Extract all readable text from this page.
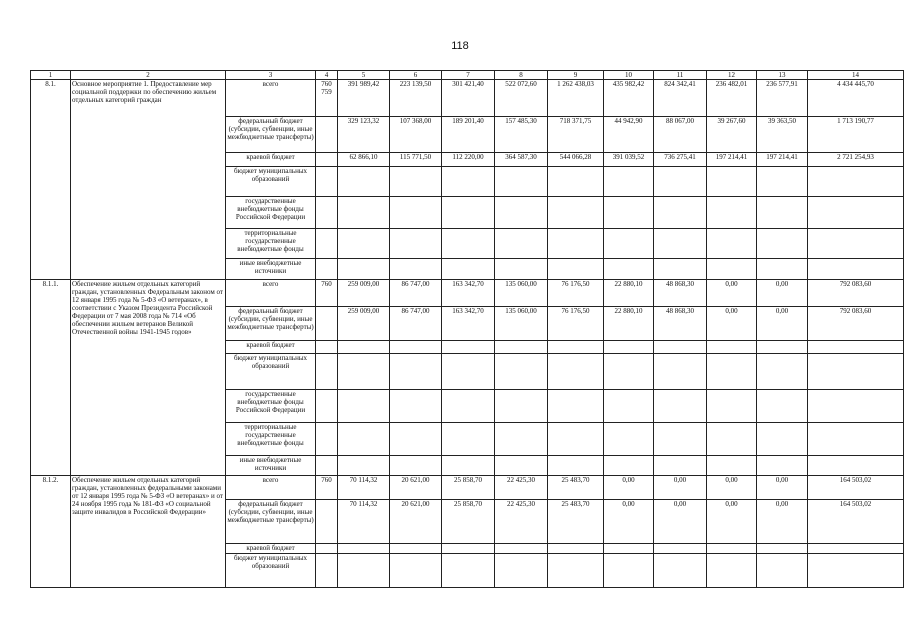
118
1	2	3	4	5	6	7	8	9	10	11	12	13	14
8.1.	Основное мероприятие 1. Предоставление мер социальной поддержки по обеспечению жильем отдельных категорий граждан	всего	760 759	391 989,42	223 139,50	301 421,40	522 072,60	1 262 438,03	435 982,42	824 342,41	236 482,01	236 577,91	4 434 445,70
		федеральный бюджет (субсидии, субвенции, иные межбюджетные трансферты)		329 123,32	107 368,00	189 201,40	157 485,30	718 371,75	44 942,90	88 067,00	39 267,60	39 363,50	1 713 190,77
		краевой бюджет		62 866,10	115 771,50	112 220,00	364 587,30	544 066,28	391 039,52	736 275,41	197 214,41	197 214,41	2 721 254,93
		бюджет муниципальных образований											
		государственные внебюджетные фонды Российской Федерации											
		территориальные государственные внебюджетные фонды											
		иные внебюджетные источники											
8.1.1.	Обеспечение жильем отдельных категорий граждан, установленных Федеральным законом от 12 января 1995 года № 5-ФЗ «О ветеранах», в соответствии с Указом Президента Российской Федерации от 7 мая 2008 года № 714 «Об обеспечении жильем ветеранов Великой Отечественной войны 1941-1945 годов»	всего	760	259 009,00	86 747,00	163 342,70	135 060,00	76 176,50	22 880,10	48 868,30	0,00	0,00	792 083,60
		федеральный бюджет (субсидии, субвенции, иные межбюджетные трансферты)		259 009,00	86 747,00	163 342,70	135 060,00	76 176,50	22 880,10	48 868,30	0,00	0,00	792 083,60
		краевой бюджет											
		бюджет муниципальных образований											
		государственные внебюджетные фонды Российской Федерации											
		территориальные государственные внебюджетные фонды											
		иные внебюджетные источники											
8.1.2.	Обеспечение жильем отдельных категорий граждан, установленных федеральными законами от 12 января 1995 года № 5-ФЗ «О ветеранах» и от 24 ноября 1995 года № 181-ФЗ «О социальной защите инвалидов в Российской Федерации»	всего	760	70 114,32	20 621,00	25 858,70	22 425,30	25 483,70	0,00	0,00	0,00	0,00	164 503,02
		федеральный бюджет (субсидии, субвенции, иные межбюджетные трансферты)		70 114,32	20 621,00	25 858,70	22 425,30	25 483,70	0,00	0,00	0,00	0,00	164 503,02
		краевой бюджет											
		бюджет муниципальных образований											
